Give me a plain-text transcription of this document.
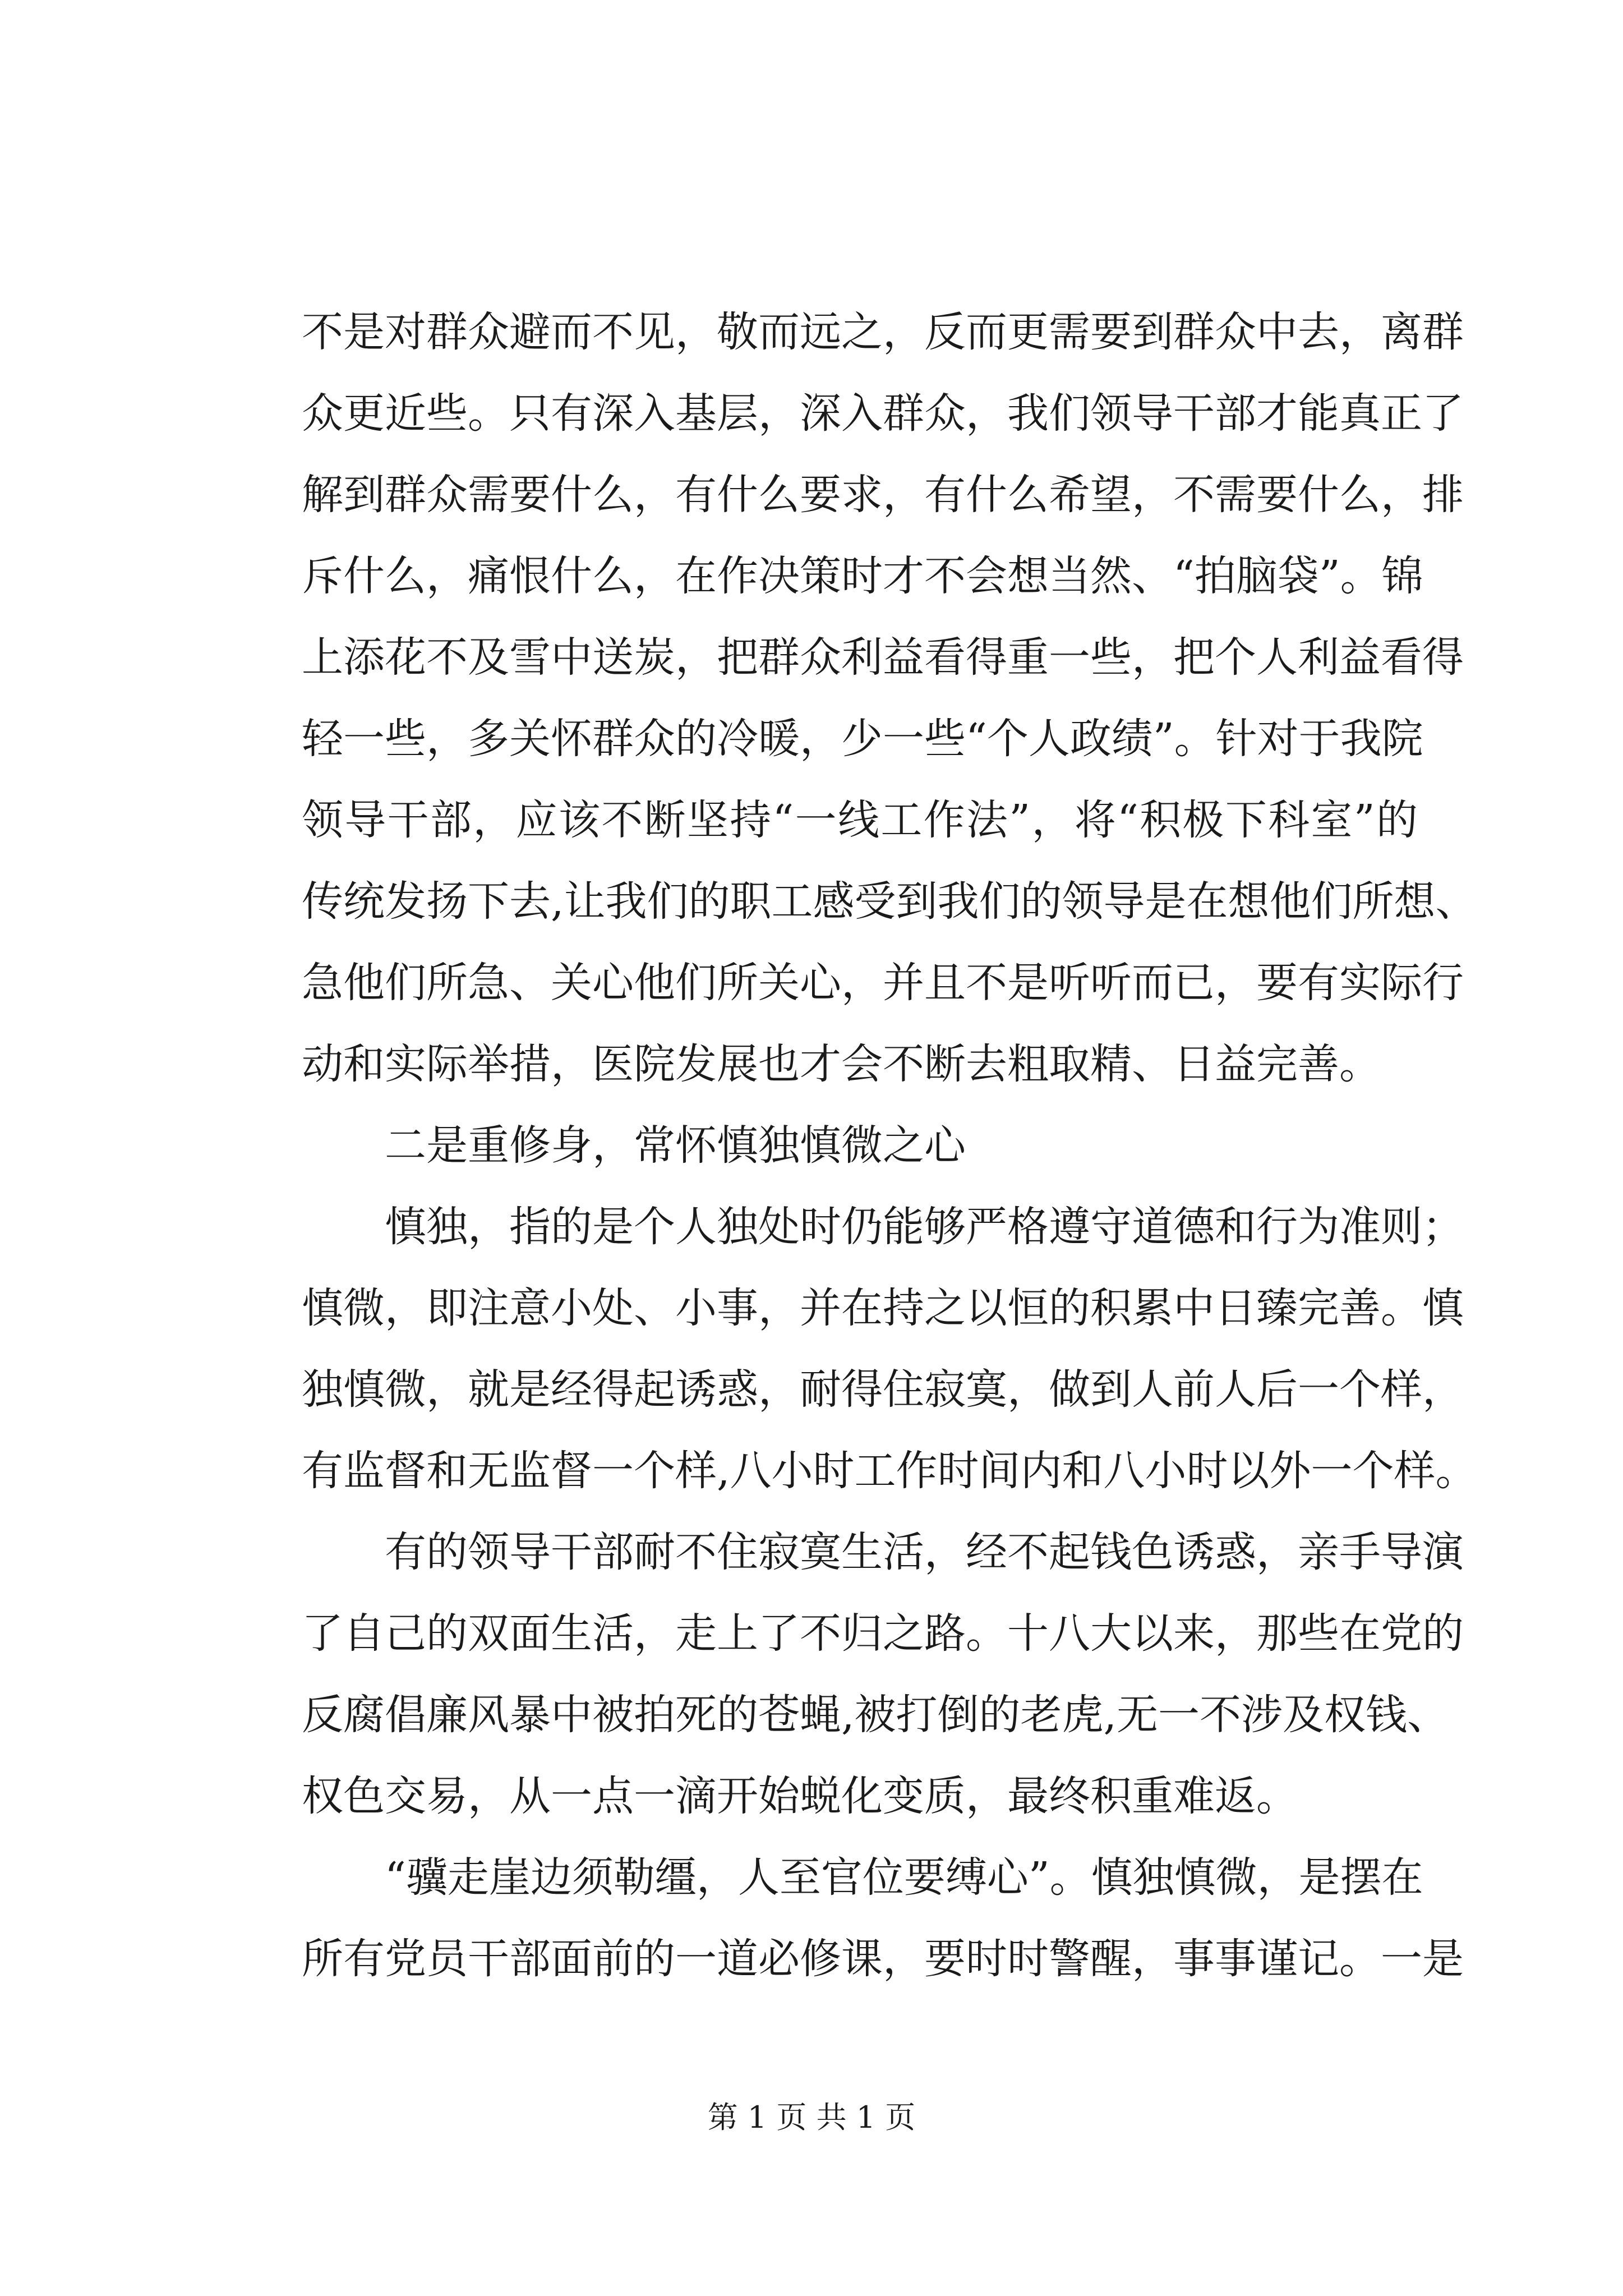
不是对群众避而不见，敬而远之，反而更需要到群众中去，离群
众更近些。只有深入基层，深入群众，我们领导干部才能真正了
解到群众需要什么，有什么要求，有什么希望，不需要什么，排
斥什么，痛恨什么，在作决策时才不会想当然、“拍脑袋”。锦
上添花不及雪中送炭，把群众利益看得重一些，把个人利益看得
轻一些，多关怀群众的冷暖，少一些“个人政绩”。针对于我院
领导干部，应该不断坚持“一线工作法”，将“积极下科室”的
传统发扬下去,让我们的职工感受到我们的领导是在想他们所想、
急他们所急、关心他们所关心，并且不是听听而已，要有实际行
动和实际举措，医院发展也才会不断去粗取精、日益完善。
　　二是重修身，常怀慎独慎微之心
　　慎独，指的是个人独处时仍能够严格遵守道德和行为准则；
慎微，即注意小处、小事，并在持之以恒的积累中日臻完善。慎
独慎微，就是经得起诱惑，耐得住寂寞，做到人前人后一个样，
有监督和无监督一个样,八小时工作时间内和八小时以外一个样。
　　有的领导干部耐不住寂寞生活，经不起钱色诱惑，亲手导演
了自己的双面生活，走上了不归之路。十八大以来，那些在党的
反腐倡廉风暴中被拍死的苍蝇,被打倒的老虎,无一不涉及权钱、
权色交易，从一点一滴开始蜕化变质，最终积重难返。
　　“骥走崖边须勒缰，人至官位要缚心”。慎独慎微，是摆在
所有党员干部面前的一道必修课，要时时警醒，事事谨记。一是
第 1 页 共 1 页
